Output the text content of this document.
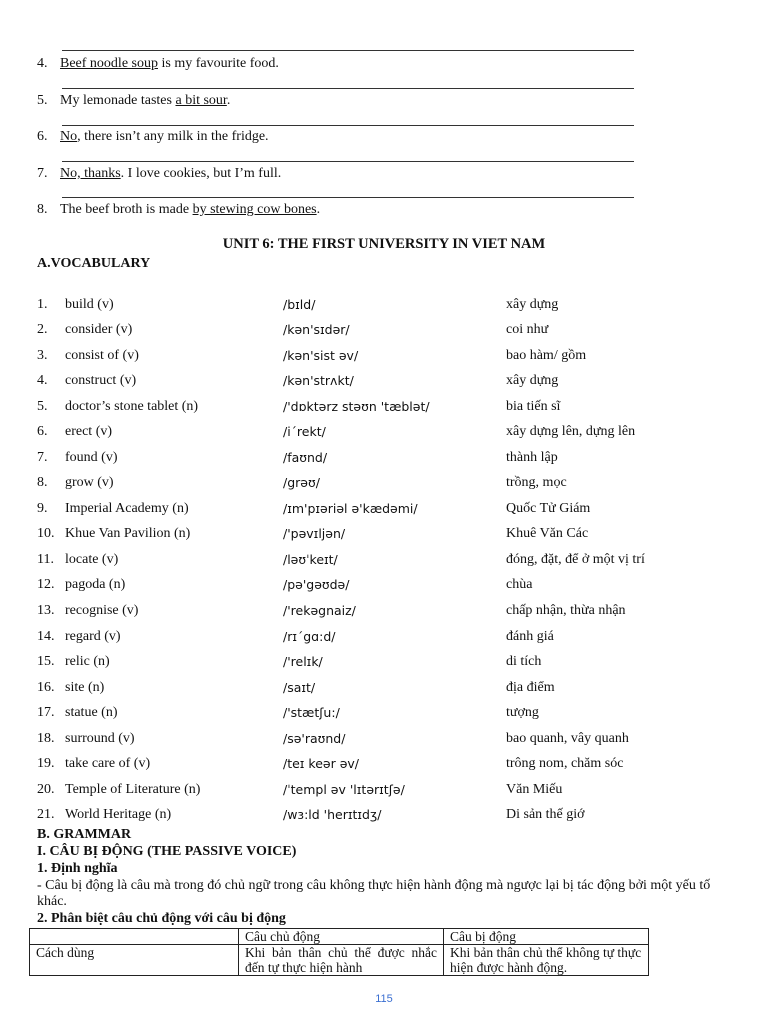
4. Beef noodle soup is my favourite food.
5. My lemonade tastes a bit sour.
6. No, there isn’t any milk in the fridge.
7. No, thanks. I love cookies, but I’m full.
8. The beef broth is made by stewing cow bones.
UNIT 6: THE FIRST UNIVERSITY IN VIET NAM
A.VOCABULARY
1. build (v)	/bɪld/	xây dựng
2. consider (v)	/kən'sɪdər/	coi như
3. consist of (v)	/kən'sist əv/	bao hàm/ gồm
4. construct (v)	/kən'strʌkt/	xây dựng
5. doctor’s stone tablet (n)	/'dɒktərz stəʊn 'tæblət/	bia tiến sĩ
6. erect (v)	/i´rekt/	xây dựng lên, dựng lên
7. found (v)	/faʊnd/	thành lập
8. grow (v)	/grəʊ/	trồng, mọc
9. Imperial Academy (n)	/ɪm'pɪəriəl ə'kædəmi/	Quốc Tử Giám
10. Khue Van Pavilion (n)	/'pəvɪljən/	Khuê Văn Các
11. locate (v)	/ləʊˈkeɪt/	đóng, đặt, để ở một vị trí
12. pagoda (n)	/pə'gəʊdə/	chùa
13. recognise (v)	/'rekəgnaiz/	chấp nhận, thừa nhận
14. regard (v)	/rɪ´gɑ:d/	đánh giá
15. relic (n)	/'relɪk/	di tích
16. site (n)	/saɪt/	địa điểm
17. statue (n)	/'stætʃu:/	tượng
18. surround (v)	/sə'raʊnd/	bao quanh, vây quanh
19. take care of (v)	/teɪ keər əv/	trông nom, chăm sóc
20. Temple of Literature (n)	/ˈtempl əv 'lɪtərɪtʃə/	Văn Miếu
21. World Heritage (n)	/wɜ:ld 'herɪtɪdʒ/	Di sản thế giớ
B. GRAMMAR
I. CÂU BỊ ĐỘNG (THE PASSIVE VOICE)
1. Định nghĩa
- Câu bị động là câu mà trong đó chủ ngữ trong câu không thực hiện hành động mà ngược lại bị tác động bởi một yếu tố khác.
2. Phân biệt câu chủ động với câu bị động
	Câu chủ động	Câu bị động
Cách dùng	Khi bản thân chủ thể được nhắc đến tự thực hiện hành	Khi bản thân chủ thể không tự thực hiện được hành động.
115
